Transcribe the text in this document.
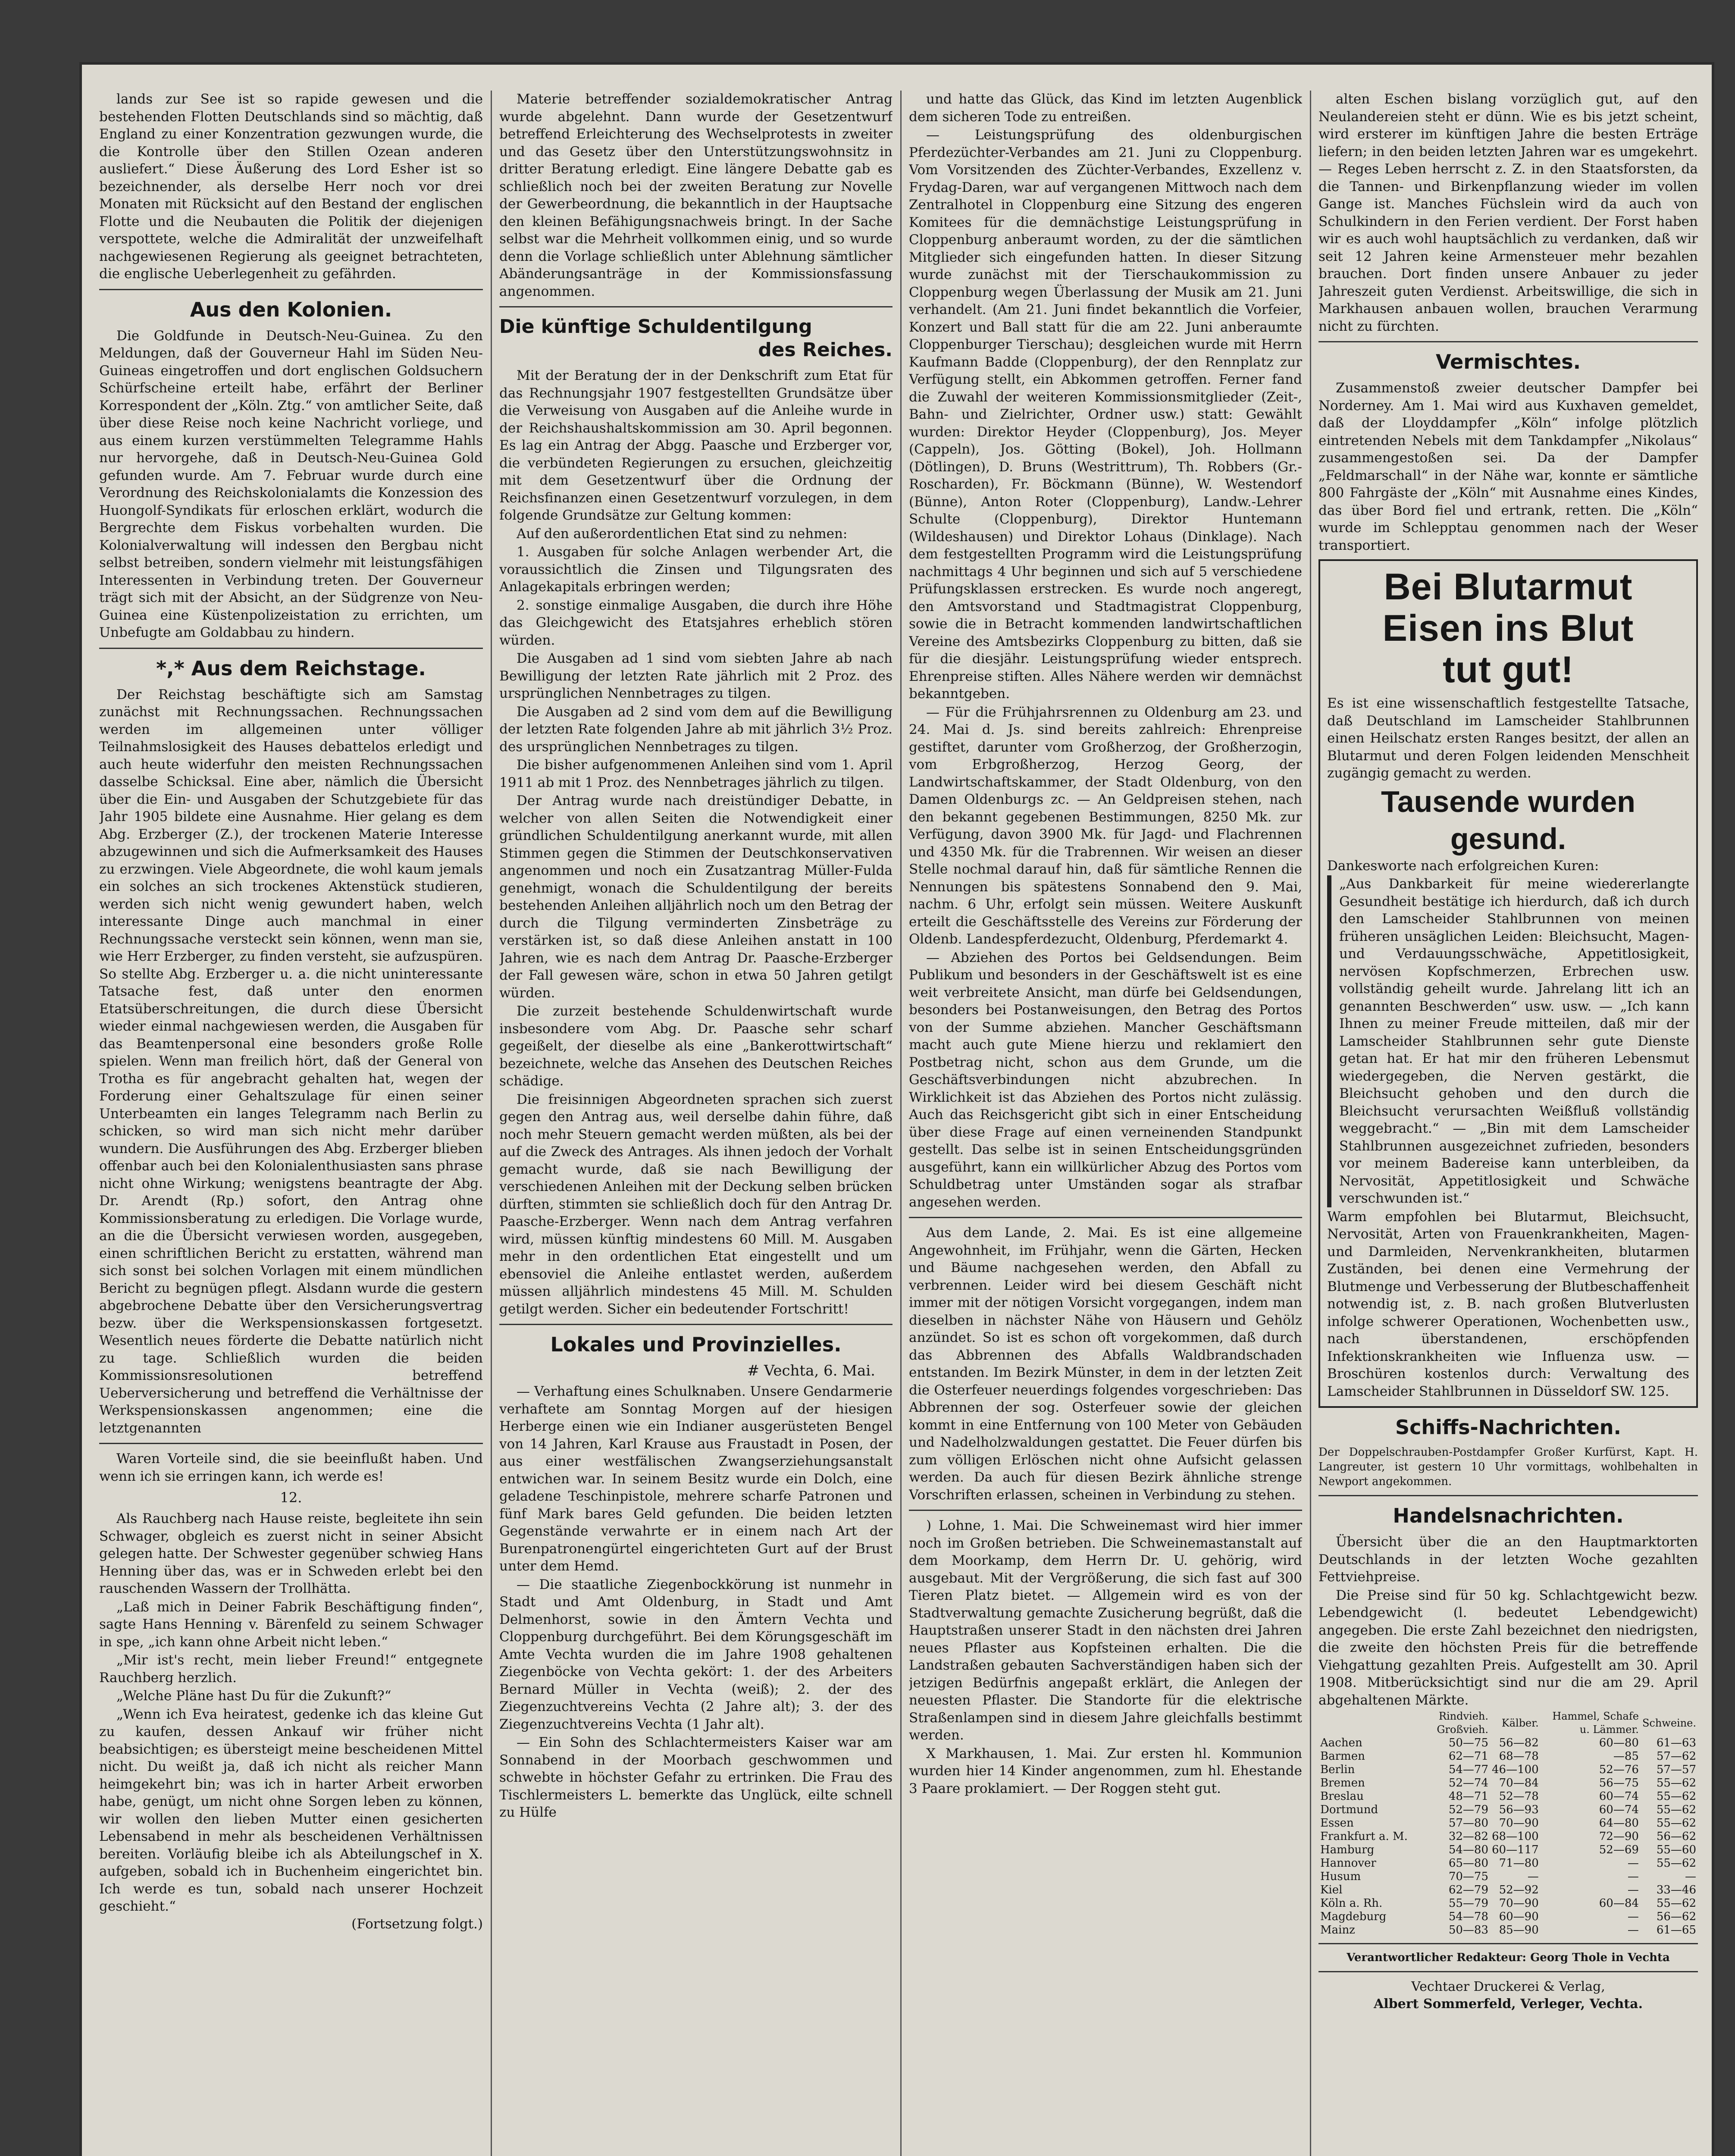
lands zur See ist so rapide gewesen und die bestehenden Flotten Deutschlands sind so mächtig, daß England zu einer Konzentration gezwungen wurde, die die Kontrolle über den Stillen Ozean anderen ausliefert.“ Diese Äußerung des Lord Esher ist so bezeichnender, als derselbe Herr noch vor drei Monaten mit Rücksicht auf den Bestand der englischen Flotte und die Neubauten die Politik der diejenigen verspottete, welche die Admiralität der unzweifelhaft nachgewiesenen Regierung als geeignet betrachteten, die englische Ueberlegenheit zu gefährden.
Aus den Kolonien.
Die Goldfunde in Deutsch-Neu-Guinea. Zu den Meldungen, daß der Gouverneur Hahl im Süden Neu-Guineas eingetroffen und dort englischen Goldsuchern Schürfscheine erteilt habe, erfährt der Berliner Korrespondent der „Köln. Ztg.“ von amtlicher Seite, daß über diese Reise noch keine Nachricht vorliege, und aus einem kurzen verstümmelten Telegramme Hahls nur hervorgehe, daß in Deutsch-Neu-Guinea Gold gefunden wurde. Am 7. Februar wurde durch eine Verordnung des Reichskolonialamts die Konzession des Huongolf-Syndikats für erloschen erklärt, wodurch die Bergrechte dem Fiskus vorbehalten wurden. Die Kolonialverwaltung will indessen den Bergbau nicht selbst betreiben, sondern vielmehr mit leistungsfähigen Interessenten in Verbindung treten. Der Gouverneur trägt sich mit der Absicht, an der Südgrenze von Neu-Guinea eine Küstenpolizeistation zu errichten, um Unbefugte am Goldabbau zu hindern.
*,* Aus dem Reichstage.
Der Reichstag beschäftigte sich am Samstag zunächst mit Rechnungssachen. Rechnungssachen werden im allgemeinen unter völliger Teilnahmslosigkeit des Hauses debattelos erledigt und auch heute widerfuhr den meisten Rechnungssachen dasselbe Schicksal. Eine aber, nämlich die Übersicht über die Ein- und Ausgaben der Schutzgebiete für das Jahr 1905 bildete eine Ausnahme. Hier gelang es dem Abg. Erzberger (Z.), der trockenen Materie Interesse abzugewinnen und sich die Aufmerksamkeit des Hauses zu erzwingen. Viele Abgeordnete, die wohl kaum jemals ein solches an sich trockenes Aktenstück studieren, werden sich nicht wenig gewundert haben, welch interessante Dinge auch manchmal in einer Rechnungssache versteckt sein können, wenn man sie, wie Herr Erzberger, zu finden versteht, sie aufzuspüren. So stellte Abg. Erzberger u. a. die nicht uninteressante Tatsache fest, daß unter den enormen Etatsüberschreitungen, die durch diese Übersicht wieder einmal nachgewiesen werden, die Ausgaben für das Beamtenpersonal eine besonders große Rolle spielen. Wenn man freilich hört, daß der General von Trotha es für angebracht gehalten hat, wegen der Forderung einer Gehaltszulage für einen seiner Unterbeamten ein langes Telegramm nach Berlin zu schicken, so wird man sich nicht mehr darüber wundern. Die Ausführungen des Abg. Erzberger blieben offenbar auch bei den Kolonialenthusiasten sans phrase nicht ohne Wirkung; wenigstens beantragte der Abg. Dr. Arendt (Rp.) sofort, den Antrag ohne Kommissionsberatung zu erledigen. Die Vorlage wurde, an die die Übersicht verwiesen worden, ausgegeben, einen schriftlichen Bericht zu erstatten, während man sich sonst bei solchen Vorlagen mit einem mündlichen Bericht zu begnügen pflegt. Alsdann wurde die gestern abgebrochene Debatte über den Versicherungsvertrag bezw. über die Werkspensionskassen fortgesetzt. Wesentlich neues förderte die Debatte natürlich nicht zu tage. Schließlich wurden die beiden Kommissionsresolutionen betreffend Ueberversicherung und betreffend die Verhältnisse der Werkspensionskassen angenommen; eine die letztgenannten
Waren Vorteile sind, die sie beeinflußt haben. Und wenn ich sie erringen kann, ich werde es!
12.
Als Rauchberg nach Hause reiste, begleitete ihn sein Schwager, obgleich es zuerst nicht in seiner Absicht gelegen hatte. Der Schwester gegenüber schwieg Hans Henning über das, was er in Schweden erlebt bei den rauschenden Wassern der Trollhätta.
„Laß mich in Deiner Fabrik Beschäftigung finden“, sagte Hans Henning v. Bärenfeld zu seinem Schwager in spe, „ich kann ohne Arbeit nicht leben.“
„Mir ist's recht, mein lieber Freund!“ entgegnete Rauchberg herzlich.
„Welche Pläne hast Du für die Zukunft?“
„Wenn ich Eva heiratest, gedenke ich das kleine Gut zu kaufen, dessen Ankauf wir früher nicht beabsichtigen; es übersteigt meine bescheidenen Mittel nicht. Du weißt ja, daß ich nicht als reicher Mann heimgekehrt bin; was ich in harter Arbeit erworben habe, genügt, um nicht ohne Sorgen leben zu können, wir wollen den lieben Mutter einen gesicherten Lebensabend in mehr als bescheidenen Verhältnissen bereiten. Vorläufig bleibe ich als Abteilungschef in X. aufgeben, sobald ich in Buchenheim eingerichtet bin. Ich werde es tun, sobald nach unserer Hochzeit geschieht.“
(Fortsetzung folgt.)
Materie betreffender sozialdemokratischer Antrag wurde abgelehnt. Dann wurde der Gesetzentwurf betreffend Erleichterung des Wechselprotests in zweiter und das Gesetz über den Unterstützungswohnsitz in dritter Beratung erledigt. Eine längere Debatte gab es schließlich noch bei der zweiten Beratung zur Novelle der Gewerbeordnung, die bekanntlich in der Hauptsache den kleinen Befähigungsnachweis bringt. In der Sache selbst war die Mehrheit vollkommen einig, und so wurde denn die Vorlage schließlich unter Ablehnung sämtlicher Abänderungsanträge in der Kommissionsfassung angenommen.
Die künftige Schuldentilgung
des Reiches.
Mit der Beratung der in der Denkschrift zum Etat für das Rechnungsjahr 1907 festgestellten Grundsätze über die Verweisung von Ausgaben auf die Anleihe wurde in der Reichshaushaltskommission am 30. April begonnen. Es lag ein Antrag der Abgg. Paasche und Erzberger vor, die verbündeten Regierungen zu ersuchen, gleichzeitig mit dem Gesetzentwurf über die Ordnung der Reichsfinanzen einen Gesetzentwurf vorzulegen, in dem folgende Grundsätze zur Geltung kommen:
Auf den außerordentlichen Etat sind zu nehmen:
1. Ausgaben für solche Anlagen werbender Art, die voraussichtlich die Zinsen und Tilgungsraten des Anlagekapitals erbringen werden;
2. sonstige einmalige Ausgaben, die durch ihre Höhe das Gleichgewicht des Etatsjahres erheblich stören würden.
Die Ausgaben ad 1 sind vom siebten Jahre ab nach Bewilligung der letzten Rate jährlich mit 2 Proz. des ursprünglichen Nennbetrages zu tilgen.
Die Ausgaben ad 2 sind vom dem auf die Bewilligung der letzten Rate folgenden Jahre ab mit jährlich 3½ Proz. des ursprünglichen Nennbetrages zu tilgen.
Die bisher aufgenommenen Anleihen sind vom 1. April 1911 ab mit 1 Proz. des Nennbetrages jährlich zu tilgen.
Der Antrag wurde nach dreistündiger Debatte, in welcher von allen Seiten die Notwendigkeit einer gründlichen Schuldentilgung anerkannt wurde, mit allen Stimmen gegen die Stimmen der Deutschkonservativen angenommen und noch ein Zusatzantrag Müller-Fulda genehmigt, wonach die Schuldentilgung der bereits bestehenden Anleihen alljährlich noch um den Betrag der durch die Tilgung verminderten Zinsbeträge zu verstärken ist, so daß diese Anleihen anstatt in 100 Jahren, wie es nach dem Antrag Dr. Paasche-Erzberger der Fall gewesen wäre, schon in etwa 50 Jahren getilgt würden.
Die zurzeit bestehende Schuldenwirtschaft wurde insbesondere vom Abg. Dr. Paasche sehr scharf gegeißelt, der dieselbe als eine „Bankerottwirtschaft“ bezeichnete, welche das Ansehen des Deutschen Reiches schädige.
Die freisinnigen Abgeordneten sprachen sich zuerst gegen den Antrag aus, weil derselbe dahin führe, daß noch mehr Steuern gemacht werden müßten, als bei der auf die Zweck des Antrages. Als ihnen jedoch der Vorhalt gemacht wurde, daß sie nach Bewilligung der verschiedenen Anleihen mit der Deckung selben brücken dürften, stimmten sie schließlich doch für den Antrag Dr. Paasche-Erzberger. Wenn nach dem Antrag verfahren wird, müssen künftig mindestens 60 Mill. M. Ausgaben mehr in den ordentlichen Etat eingestellt und um ebensoviel die Anleihe entlastet werden, außerdem müssen alljährlich mindestens 45 Mill. M. Schulden getilgt werden. Sicher ein bedeutender Fortschritt!
Lokales und Provinzielles.
# Vechta, 6. Mai.
— Verhaftung eines Schulknaben. Unsere Gendarmerie verhaftete am Sonntag Morgen auf der hiesigen Herberge einen wie ein Indianer ausgerüsteten Bengel von 14 Jahren, Karl Krause aus Fraustadt in Posen, der aus einer westfälischen Zwangserziehungsanstalt entwichen war. In seinem Besitz wurde ein Dolch, eine geladene Teschinpistole, mehrere scharfe Patronen und fünf Mark bares Geld gefunden. Die beiden letzten Gegenstände verwahrte er in einem nach Art der Burenpatronengürtel eingerichteten Gurt auf der Brust unter dem Hemd.
— Die staatliche Ziegenbockkörung ist nunmehr in Stadt und Amt Oldenburg, in Stadt und Amt Delmenhorst, sowie in den Ämtern Vechta und Cloppenburg durchgeführt. Bei dem Körungsgeschäft im Amte Vechta wurden die im Jahre 1908 gehaltenen Ziegenböcke von Vechta gekört: 1. der des Arbeiters Bernard Müller in Vechta (weiß); 2. der des Ziegenzuchtvereins Vechta (2 Jahre alt); 3. der des Ziegenzuchtvereins Vechta (1 Jahr alt).
— Ein Sohn des Schlachtermeisters Kaiser war am Sonnabend in der Moorbach geschwommen und schwebte in höchster Gefahr zu ertrinken. Die Frau des Tischlermeisters L. bemerkte das Unglück, eilte schnell zu Hülfe
und hatte das Glück, das Kind im letzten Augenblick dem sicheren Tode zu entreißen.
— Leistungsprüfung des oldenburgischen Pferdezüchter-Verbandes am 21. Juni zu Cloppenburg. Vom Vorsitzenden des Züchter-Verbandes, Exzellenz v. Frydag-Daren, war auf vergangenen Mittwoch nach dem Zentralhotel in Cloppenburg eine Sitzung des engeren Komitees für die demnächstige Leistungsprüfung in Cloppenburg anberaumt worden, zu der die sämtlichen Mitglieder sich eingefunden hatten. In dieser Sitzung wurde zunächst mit der Tierschaukommission zu Cloppenburg wegen Überlassung der Musik am 21. Juni verhandelt. (Am 21. Juni findet bekanntlich die Vorfeier, Konzert und Ball statt für die am 22. Juni anberaumte Cloppenburger Tierschau); desgleichen wurde mit Herrn Kaufmann Badde (Cloppenburg), der den Rennplatz zur Verfügung stellt, ein Abkommen getroffen. Ferner fand die Zuwahl der weiteren Kommissionsmitglieder (Zeit-, Bahn- und Zielrichter, Ordner usw.) statt: Gewählt wurden: Direktor Heyder (Cloppenburg), Jos. Meyer (Cappeln), Jos. Götting (Bokel), Joh. Hollmann (Dötlingen), D. Bruns (Westrittrum), Th. Robbers (Gr.-Roscharden), Fr. Böckmann (Bünne), W. Westendorf (Bünne), Anton Roter (Cloppenburg), Landw.-Lehrer Schulte (Cloppenburg), Direktor Huntemann (Wildeshausen) und Direktor Lohaus (Dinklage). Nach dem festgestellten Programm wird die Leistungsprüfung nachmittags 4 Uhr beginnen und sich auf 5 verschiedene Prüfungsklassen erstrecken. Es wurde noch angeregt, den Amtsvorstand und Stadtmagistrat Cloppenburg, sowie die in Betracht kommenden landwirtschaftlichen Vereine des Amtsbezirks Cloppenburg zu bitten, daß sie für die diesjähr. Leistungsprüfung wieder entsprech. Ehrenpreise stiften. Alles Nähere werden wir demnächst bekanntgeben.
— Für die Frühjahrsrennen zu Oldenburg am 23. und 24. Mai d. Js. sind bereits zahlreich: Ehrenpreise gestiftet, darunter vom Großherzog, der Großherzogin, vom Erbgroßherzog, Herzog Georg, der Landwirtschaftskammer, der Stadt Oldenburg, von den Damen Oldenburgs zc. — An Geldpreisen stehen, nach den bekannt gegebenen Bestimmungen, 8250 Mk. zur Verfügung, davon 3900 Mk. für Jagd- und Flachrennen und 4350 Mk. für die Trabrennen. Wir weisen an dieser Stelle nochmal darauf hin, daß für sämtliche Rennen die Nennungen bis spätestens Sonnabend den 9. Mai, nachm. 6 Uhr, erfolgt sein müssen. Weitere Auskunft erteilt die Geschäftsstelle des Vereins zur Förderung der Oldenb. Landespferdezucht, Oldenburg, Pferdemarkt 4.
— Abziehen des Portos bei Geldsendungen. Beim Publikum und besonders in der Geschäftswelt ist es eine weit verbreitete Ansicht, man dürfe bei Geldsendungen, besonders bei Postanweisungen, den Betrag des Portos von der Summe abziehen. Mancher Geschäftsmann macht auch gute Miene hierzu und reklamiert den Postbetrag nicht, schon aus dem Grunde, um die Geschäftsverbindungen nicht abzubrechen. In Wirklichkeit ist das Abziehen des Portos nicht zulässig. Auch das Reichsgericht gibt sich in einer Entscheidung über diese Frage auf einen verneinenden Standpunkt gestellt. Das selbe ist in seinen Entscheidungsgründen ausgeführt, kann ein willkürlicher Abzug des Portos vom Schuldbetrag unter Umständen sogar als strafbar angesehen werden.
Aus dem Lande, 2. Mai. Es ist eine allgemeine Angewohnheit, im Frühjahr, wenn die Gärten, Hecken und Bäume nachgesehen werden, den Abfall zu verbrennen. Leider wird bei diesem Geschäft nicht immer mit der nötigen Vorsicht vorgegangen, indem man dieselben in nächster Nähe von Häusern und Gehölz anzündet. So ist es schon oft vorgekommen, daß durch das Abbrennen des Abfalls Waldbrandschaden entstanden. Im Bezirk Münster, in dem in der letzten Zeit die Osterfeuer neuerdings folgendes vorgeschrieben: Das Abbrennen der sog. Osterfeuer sowie der gleichen kommt in eine Entfernung von 100 Meter von Gebäuden und Nadelholzwaldungen gestattet. Die Feuer dürfen bis zum völligen Erlöschen nicht ohne Aufsicht gelassen werden. Da auch für diesen Bezirk ähnliche strenge Vorschriften erlassen, scheinen in Verbindung zu stehen.
) Lohne, 1. Mai. Die Schweinemast wird hier immer noch im Großen betrieben. Die Schweinemastanstalt auf dem Moorkamp, dem Herrn Dr. U. gehörig, wird ausgebaut. Mit der Vergrößerung, die sich fast auf 300 Tieren Platz bietet. — Allgemein wird es von der Stadtverwaltung gemachte Zusicherung begrüßt, daß die Hauptstraßen unserer Stadt in den nächsten drei Jahren neues Pflaster aus Kopfsteinen erhalten. Die die Landstraßen gebauten Sachverständigen haben sich der jetzigen Bedürfnis angepaßt erklärt, die Anlegen der neuesten Pflaster. Die Standorte für die elektrische Straßenlampen sind in diesem Jahre gleichfalls bestimmt werden.
X Markhausen, 1. Mai. Zur ersten hl. Kommunion wurden hier 14 Kinder angenommen, zum hl. Ehestande 3 Paare proklamiert. — Der Roggen steht gut.
alten Eschen bislang vorzüglich gut, auf den Neulandereien steht er dünn. Wie es bis jetzt scheint, wird ersterer im künftigen Jahre die besten Erträge liefern; in den beiden letzten Jahren war es umgekehrt. — Reges Leben herrscht z. Z. in den Staatsforsten, da die Tannen- und Birkenpflanzung wieder im vollen Gange ist. Manches Füchslein wird da auch von Schulkindern in den Ferien verdient. Der Forst haben wir es auch wohl hauptsächlich zu verdanken, daß wir seit 12 Jahren keine Armensteuer mehr bezahlen brauchen. Dort finden unsere Anbauer zu jeder Jahreszeit guten Verdienst. Arbeitswillige, die sich in Markhausen anbauen wollen, brauchen Verarmung nicht zu fürchten.
Vermischtes.
Zusammenstoß zweier deutscher Dampfer bei Norderney. Am 1. Mai wird aus Kuxhaven gemeldet, daß der Lloyddampfer „Köln“ infolge plötzlich eintretenden Nebels mit dem Tankdampfer „Nikolaus“ zusammengestoßen sei. Da der Dampfer „Feldmarschall“ in der Nähe war, konnte er sämtliche 800 Fahrgäste der „Köln“ mit Ausnahme eines Kindes, das über Bord fiel und ertrank, retten. Die „Köln“ wurde im Schlepptau genommen nach der Weser transportiert.
Bei Blutarmut
Eisen ins Blut
tut gut!
Es ist eine wissenschaftlich festgestellte Tatsache, daß Deutschland im Lamscheider Stahlbrunnen einen Heilschatz ersten Ranges besitzt, der allen an Blutarmut und deren Folgen leidenden Menschheit zugängig gemacht zu werden.
Tausende wurden gesund.
Dankesworte nach erfolgreichen Kuren:
„Aus Dankbarkeit für meine wiedererlangte Gesundheit bestätige ich hierdurch, daß ich durch den Lamscheider Stahlbrunnen von meinen früheren unsäglichen Leiden: Bleichsucht, Magen- und Verdauungsschwäche, Appetitlosigkeit, nervösen Kopfschmerzen, Erbrechen usw. vollständig geheilt wurde. Jahrelang litt ich an genannten Beschwerden“ usw. usw. — „Ich kann Ihnen zu meiner Freude mitteilen, daß mir der Lamscheider Stahlbrunnen sehr gute Dienste getan hat. Er hat mir den früheren Lebensmut wiedergegeben, die Nerven gestärkt, die Bleichsucht gehoben und den durch die Bleichsucht verursachten Weißfluß vollständig weggebracht.“ — „Bin mit dem Lamscheider Stahlbrunnen ausgezeichnet zufrieden, besonders vor meinem Badereise kann unterbleiben, da Nervosität, Appetitlosigkeit und Schwäche verschwunden ist.“
Warm empfohlen bei Blutarmut, Bleichsucht, Nervosität, Arten von Frauenkrankheiten, Magen- und Darmleiden, Nervenkrankheiten, blutarmen Zuständen, bei denen eine Vermehrung der Blutmenge und Verbesserung der Blutbeschaffenheit notwendig ist, z. B. nach großen Blutverlusten infolge schwerer Operationen, Wochenbetten usw., nach überstandenen, erschöpfenden Infektionskrankheiten wie Influenza usw. — Broschüren kostenlos durch: Verwaltung des Lamscheider Stahlbrunnen in Düsseldorf SW. 125.
Schiffs-Nachrichten.
Der Doppelschrauben-Postdampfer Großer Kurfürst, Kapt. H. Langreuter, ist gestern 10 Uhr vormittags, wohlbehalten in Newport angekommen.
Handelsnachrichten.
Übersicht über die an den Hauptmarktorten Deutschlands in der letzten Woche gezahlten Fettviehpreise.
Die Preise sind für 50 kg. Schlachtgewicht bezw. Lebendgewicht (l. bedeutet Lebendgewicht) angegeben. Die erste Zahl bezeichnet den niedrigsten, die zweite den höchsten Preis für die betreffende Viehgattung gezahlten Preis. Aufgestellt am 30. April 1908. Mitberücksichtigt sind nur die am 29. April abgehaltenen Märkte.
	Rindvieh. Großvieh.	Kälber.	Hammel, Schafe u. Lämmer.	Schweine.
Aachen	50—75	56—82	60—80	61—63
Barmen	62—71	68—78	—85	57—62
Berlin	54—77	46—100	52—76	57—57
Bremen	52—74	70—84	56—75	55—62
Breslau	48—71	52—78	60—74	55—62
Dortmund	52—79	56—93	60—74	55—62
Essen	57—80	70—90	64—80	55—62
Frankfurt a. M.	32—82	68—100	72—90	56—62
Hamburg	54—80	60—117	52—69	55—60
Hannover	65—80	71—80	—	55—62
Husum	70—75	—	—	—
Kiel	62—79	52—92	—	33—46
Köln a. Rh.	55—79	70—90	60—84	55—62
Magdeburg	54—78	60—90	—	56—62
Mainz	50—83	85—90	—	61—65
Verantwortlicher Redakteur: Georg Thole in Vechta
Vechtaer Druckerei & Verlag,
Albert Sommerfeld, Verleger, Vechta.
